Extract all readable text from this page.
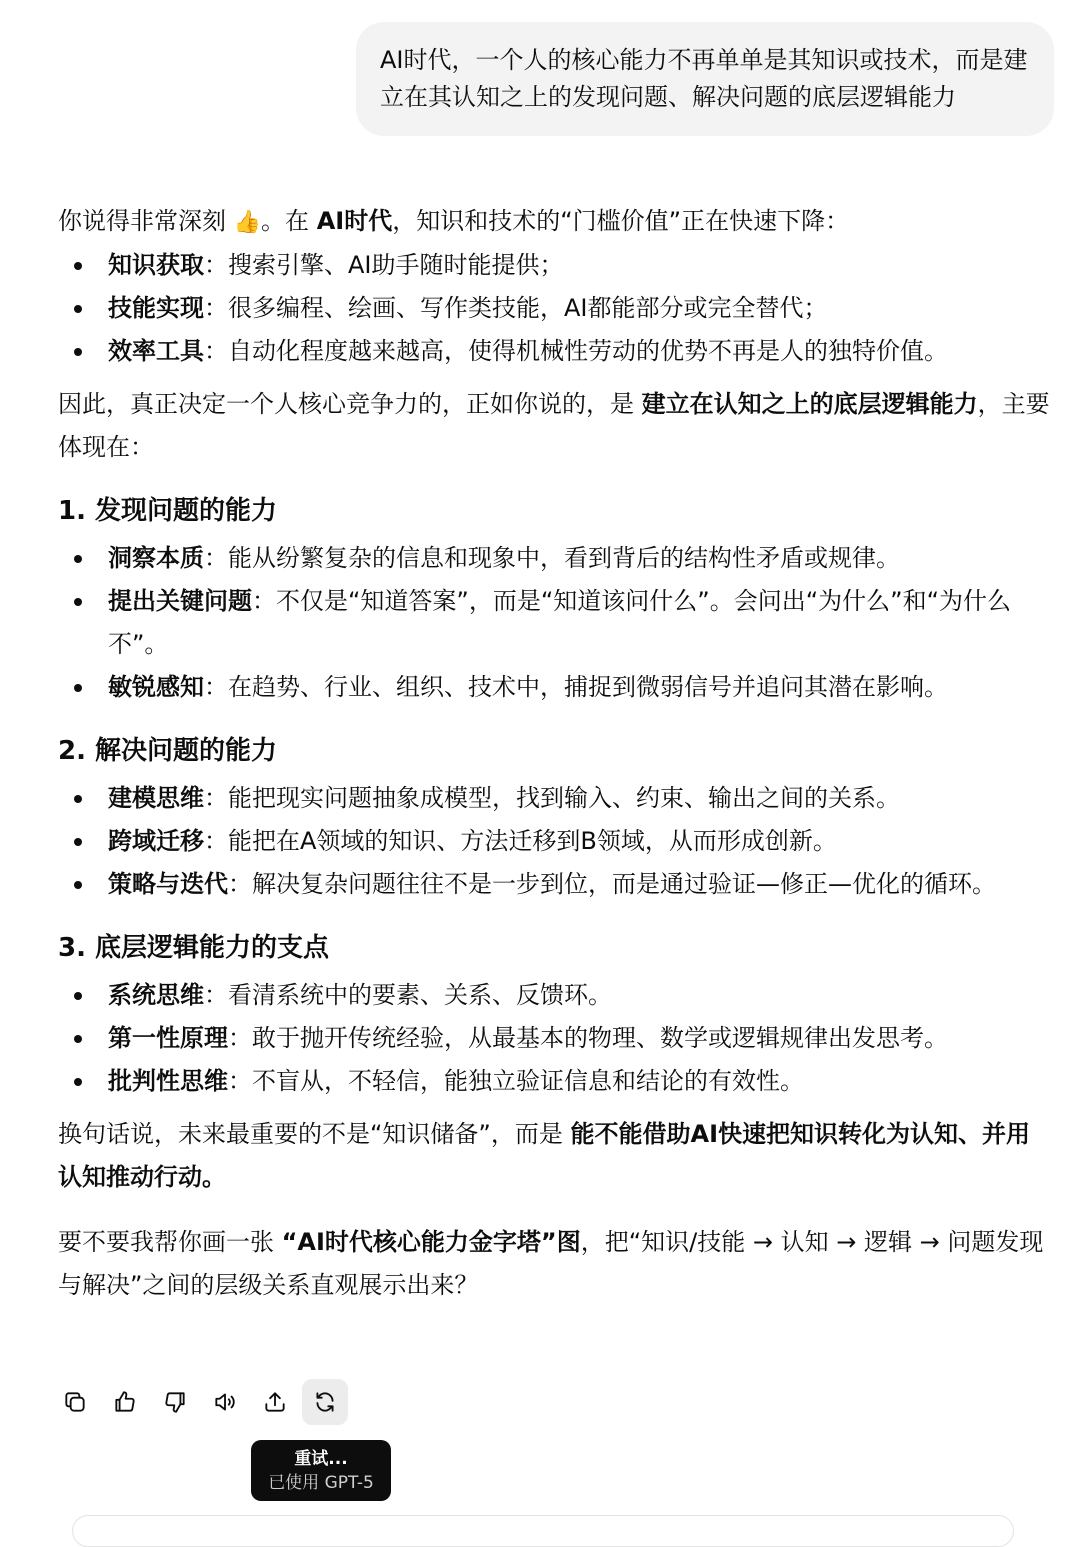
AI时代，一个人的核心能力不再单单是其知识或技术，而是建立在其认知之上的发现问题、解决问题的底层逻辑能力

你说得非常深刻 👍。在 AI时代，知识和技术的“门槛价值”正在快速下降：

知识获取：搜索引擎、AI助手随时能提供；
技能实现：很多编程、绘画、写作类技能，AI都能部分或完全替代；
效率工具：自动化程度越来越高，使得机械性劳动的优势不再是人的独特价值。

因此，真正决定一个人核心竞争力的，正如你说的，是 建立在认知之上的底层逻辑能力，主要体现在：

1. 发现问题的能力
洞察本质：能从纷繁复杂的信息和现象中，看到背后的结构性矛盾或规律。
提出关键问题：不仅是“知道答案”，而是“知道该问什么”。会问出“为什么”和“为什么不”。
敏锐感知：在趋势、行业、组织、技术中，捕捉到微弱信号并追问其潜在影响。
2. 解决问题的能力
建模思维：能把现实问题抽象成模型，找到输入、约束、输出之间的关系。
跨域迁移：能把在A领域的知识、方法迁移到B领域，从而形成创新。
策略与迭代：解决复杂问题往往不是一步到位，而是通过验证—修正—优化的循环。
3. 底层逻辑能力的支点
系统思维：看清系统中的要素、关系、反馈环。
第一性原理：敢于抛开传统经验，从最基本的物理、数学或逻辑规律出发思考。
批判性思维：不盲从，不轻信，能独立验证信息和结论的有效性。

换句话说，未来最重要的不是“知识储备”，而是 能不能借助AI快速把知识转化为认知、并用认知推动行动。

要不要我帮你画一张 “AI时代核心能力金字塔”图，把“知识/技能 → 认知 → 逻辑 → 问题发现与解决”之间的层级关系直观展示出来？

重试...
已使用 GPT-5
